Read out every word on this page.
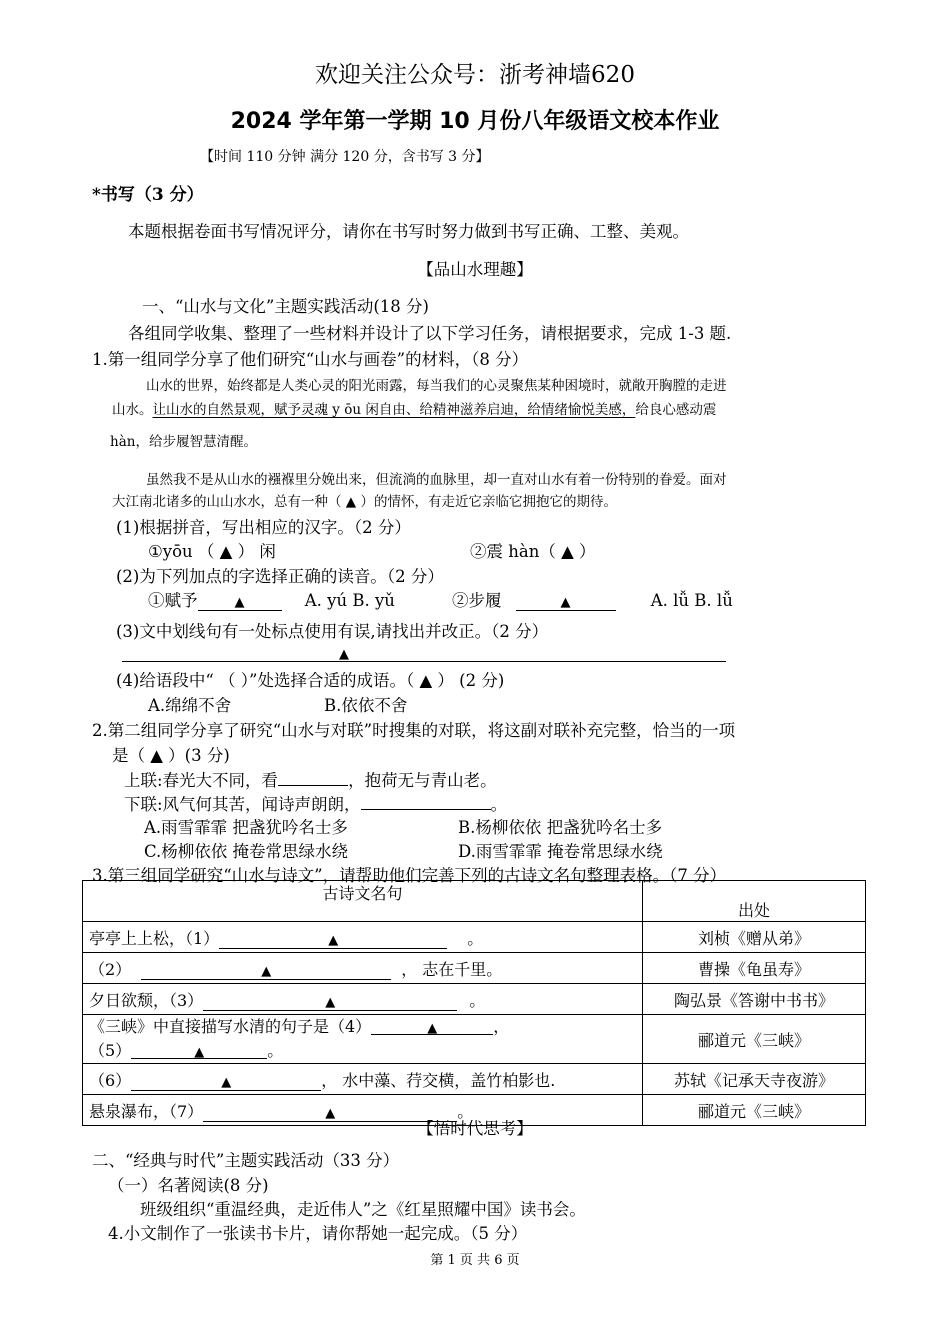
欢迎关注公众号：浙考神墙620
2024 学年第一学期 10 月份八年级语文校本作业
【时间 110 分钟 满分 120 分，含书写 3 分】
*书写（3 分）
本题根据卷面书写情况评分，请你在书写时努力做到书写正确、工整、美观。
【品山水理趣】
一、“山水与文化”主题实践活动(18 分)
各组同学收集、整理了一些材料并设计了以下学习任务，请根据要求，完成 1-3 题.
1.第一组同学分享了他们研究“山水与画卷”的材料，（8 分）
山水的世界，始终都是人类心灵的阳光雨露，每当我们的心灵聚焦某种困境时，就敞开胸膛的走进
山水。让山水的自然景观，赋予灵魂 y ōu 闲自由、给精神滋养启迪，给情绪愉悦美感，给良心感动震
hàn，给步履智慧清醒。
虽然我不是从山水的襁褓里分娩出来，但流淌的血脉里，却一直对山水有着一份特别的眷爱。面对
大江南北诸多的山山水水，总有一种（ ▲ ）的情怀，有走近它亲临它拥抱它的期待。
(1)根据拼音，写出相应的汉字。（2 分）
①yōu （ ▲ ） 闲	②震 hàn（ ▲ ）
(2)为下列加点的字选择正确的读音。（2 分）
①赋予	▲	A. yú B. yǔ	②步履	▲	A. lǚ B. lǚ
(3)文中划线句有一处标点使用有误,请找出并改正。（2 分）
▲
(4)给语段中“ （ ）”处选择合适的成语。（ ▲ ） (2 分)
A.绵绵不舍	B.依依不舍
2.第二组同学分享了研究“山水与对联”时搜集的对联，将这副对联补充完整，恰当的一项
是（ ▲ ）(3 分)
上联:春光大不同，看	，抱荷无与青山老。
下联:风气何其苦，闻诗声朗朗，	。
A.雨雪霏霏 把盏犹吟名士多	B.杨柳依依 把盏犹吟名士多
C.杨柳依依 掩卷常思绿水绕	D.雨雪霏霏 掩卷常思绿水绕
3.第三组同学研究“山水与诗文”，请帮助他们完善下列的古诗文名句整理表格。（7 分）
古诗文名句	出处
亭亭上上松，（1） ▲ 。	刘桢《赠从弟》
（2） ▲ ， 志在千里。	曹操《龟虽寿》
夕日欲颓，（3） ▲ 。	陶弘景《答谢中书书》
《三峡》中直接描写水清的句子是（4） ▲ ，
（5） ▲ 。	郦道元《三峡》
（6） ▲ ， 水中藻、荇交横，盖竹柏影也.	苏轼《记承天寺夜游》
悬泉瀑布，（7） ▲ 。	郦道元《三峡》
【悟时代思考】
二、“经典与时代”主题实践活动（33 分）
（一）名著阅读(8 分)
班级组织“重温经典，走近伟人”之《红星照耀中国》读书会。
4.小文制作了一张读书卡片，请你帮她一起完成。（5 分）
第 1 页 共 6 页
